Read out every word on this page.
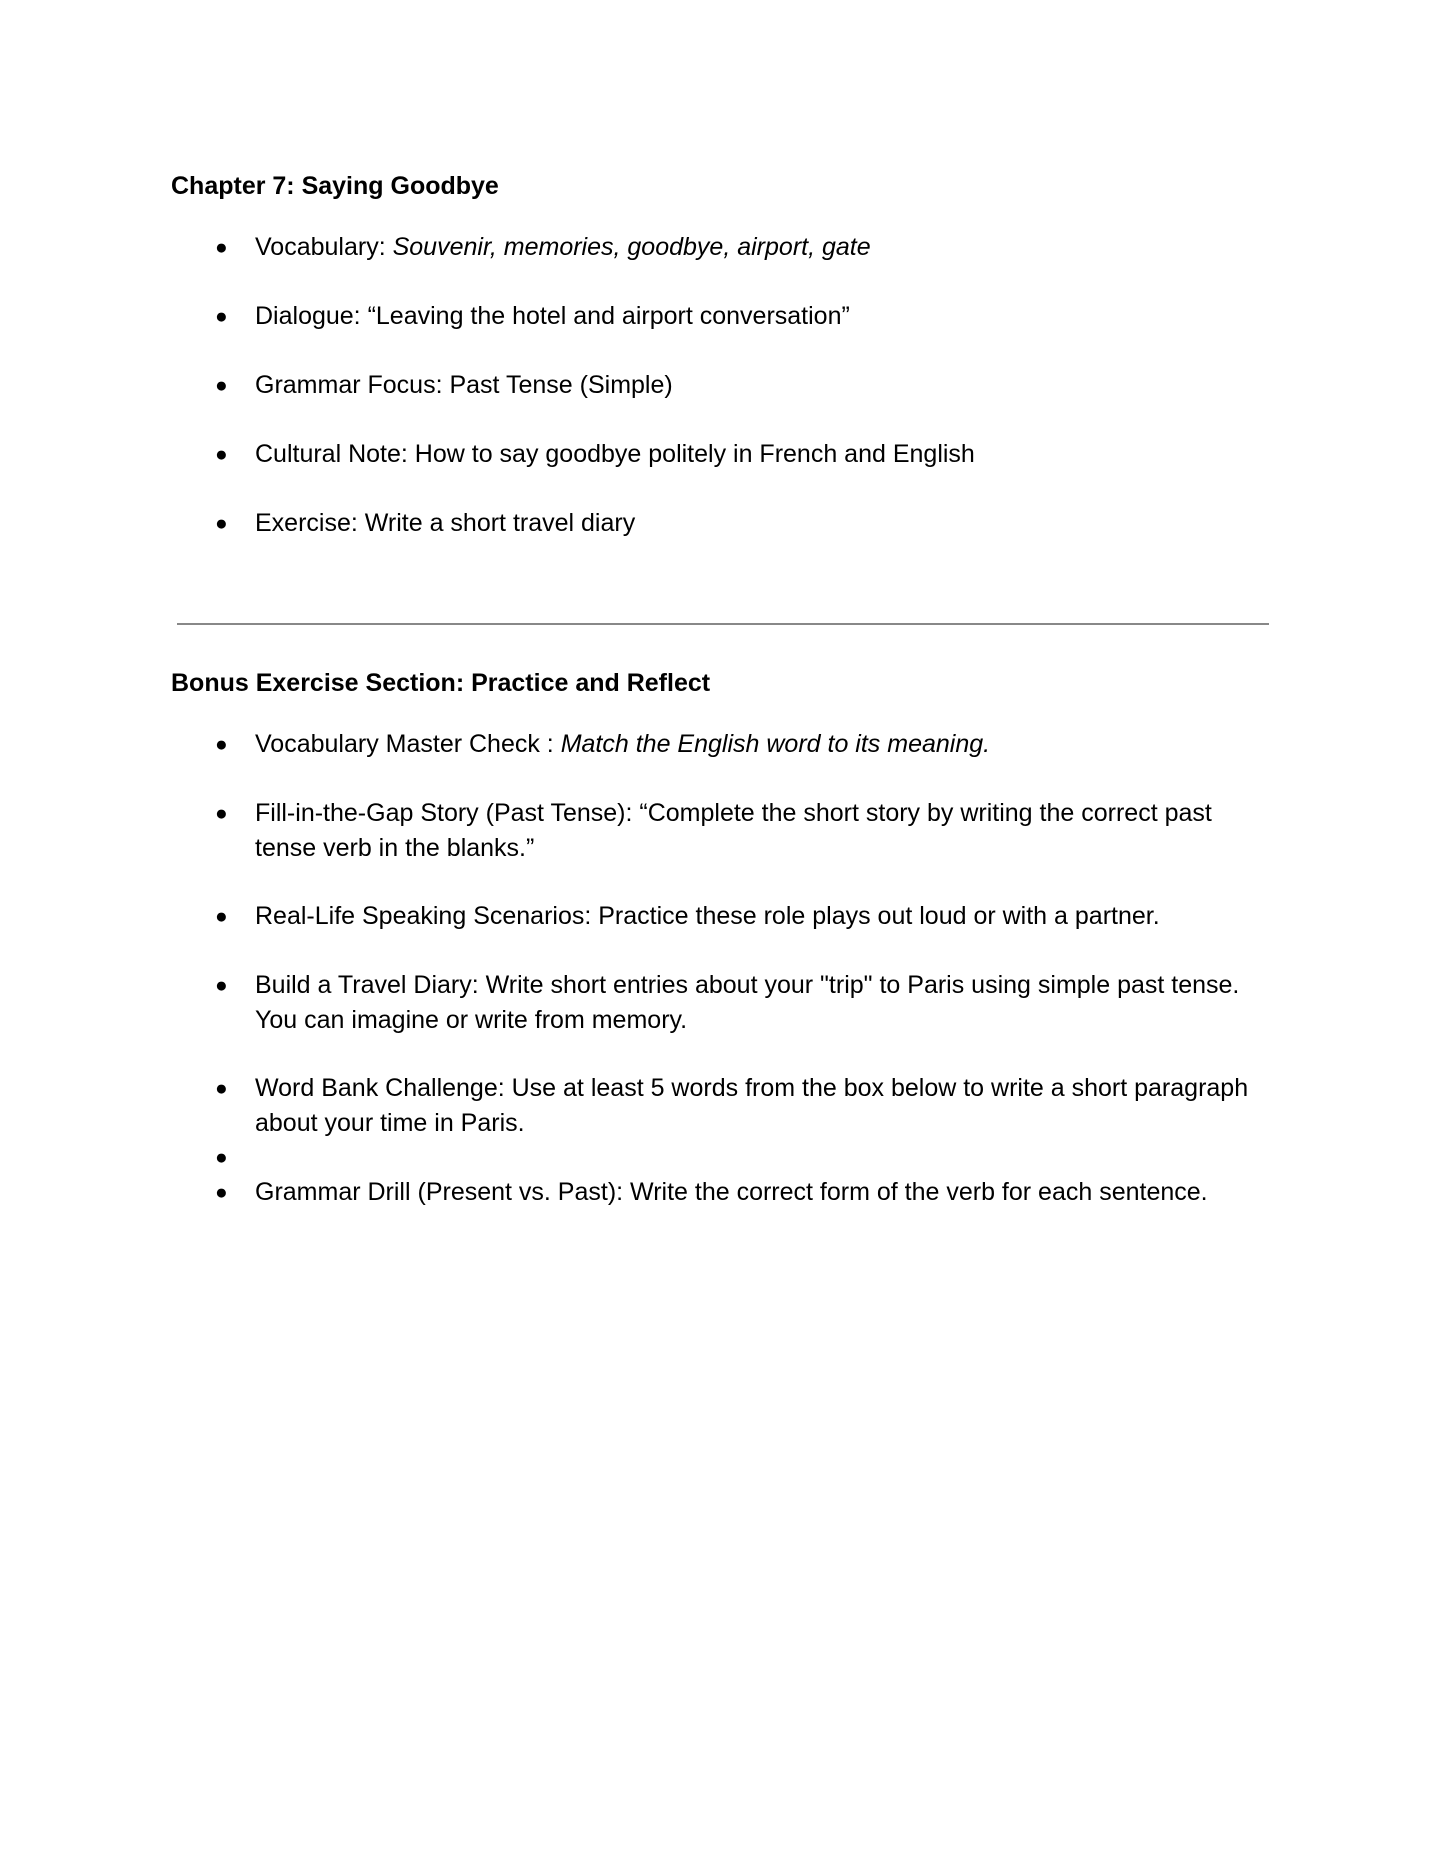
Chapter 7: Saying Goodbye
● Vocabulary: Souvenir, memories, goodbye, airport, gate
● Dialogue: “Leaving the hotel and airport conversation”
● Grammar Focus: Past Tense (Simple)
● Cultural Note: How to say goodbye politely in French and English
● Exercise: Write a short travel diary
Bonus Exercise Section: Practice and Reflect
● Vocabulary Master Check : Match the English word to its meaning.
● Fill-in-the-Gap Story (Past Tense): “Complete the short story by writing the correct past tense verb in the blanks.”
● Real-Life Speaking Scenarios: Practice these role plays out loud or with a partner.
● Build a Travel Diary: Write short entries about your "trip" to Paris using simple past tense. You can imagine or write from memory.
● Word Bank Challenge: Use at least 5 words from the box below to write a short paragraph about your time in Paris.
●
● Grammar Drill (Present vs. Past): Write the correct form of the verb for each sentence.
